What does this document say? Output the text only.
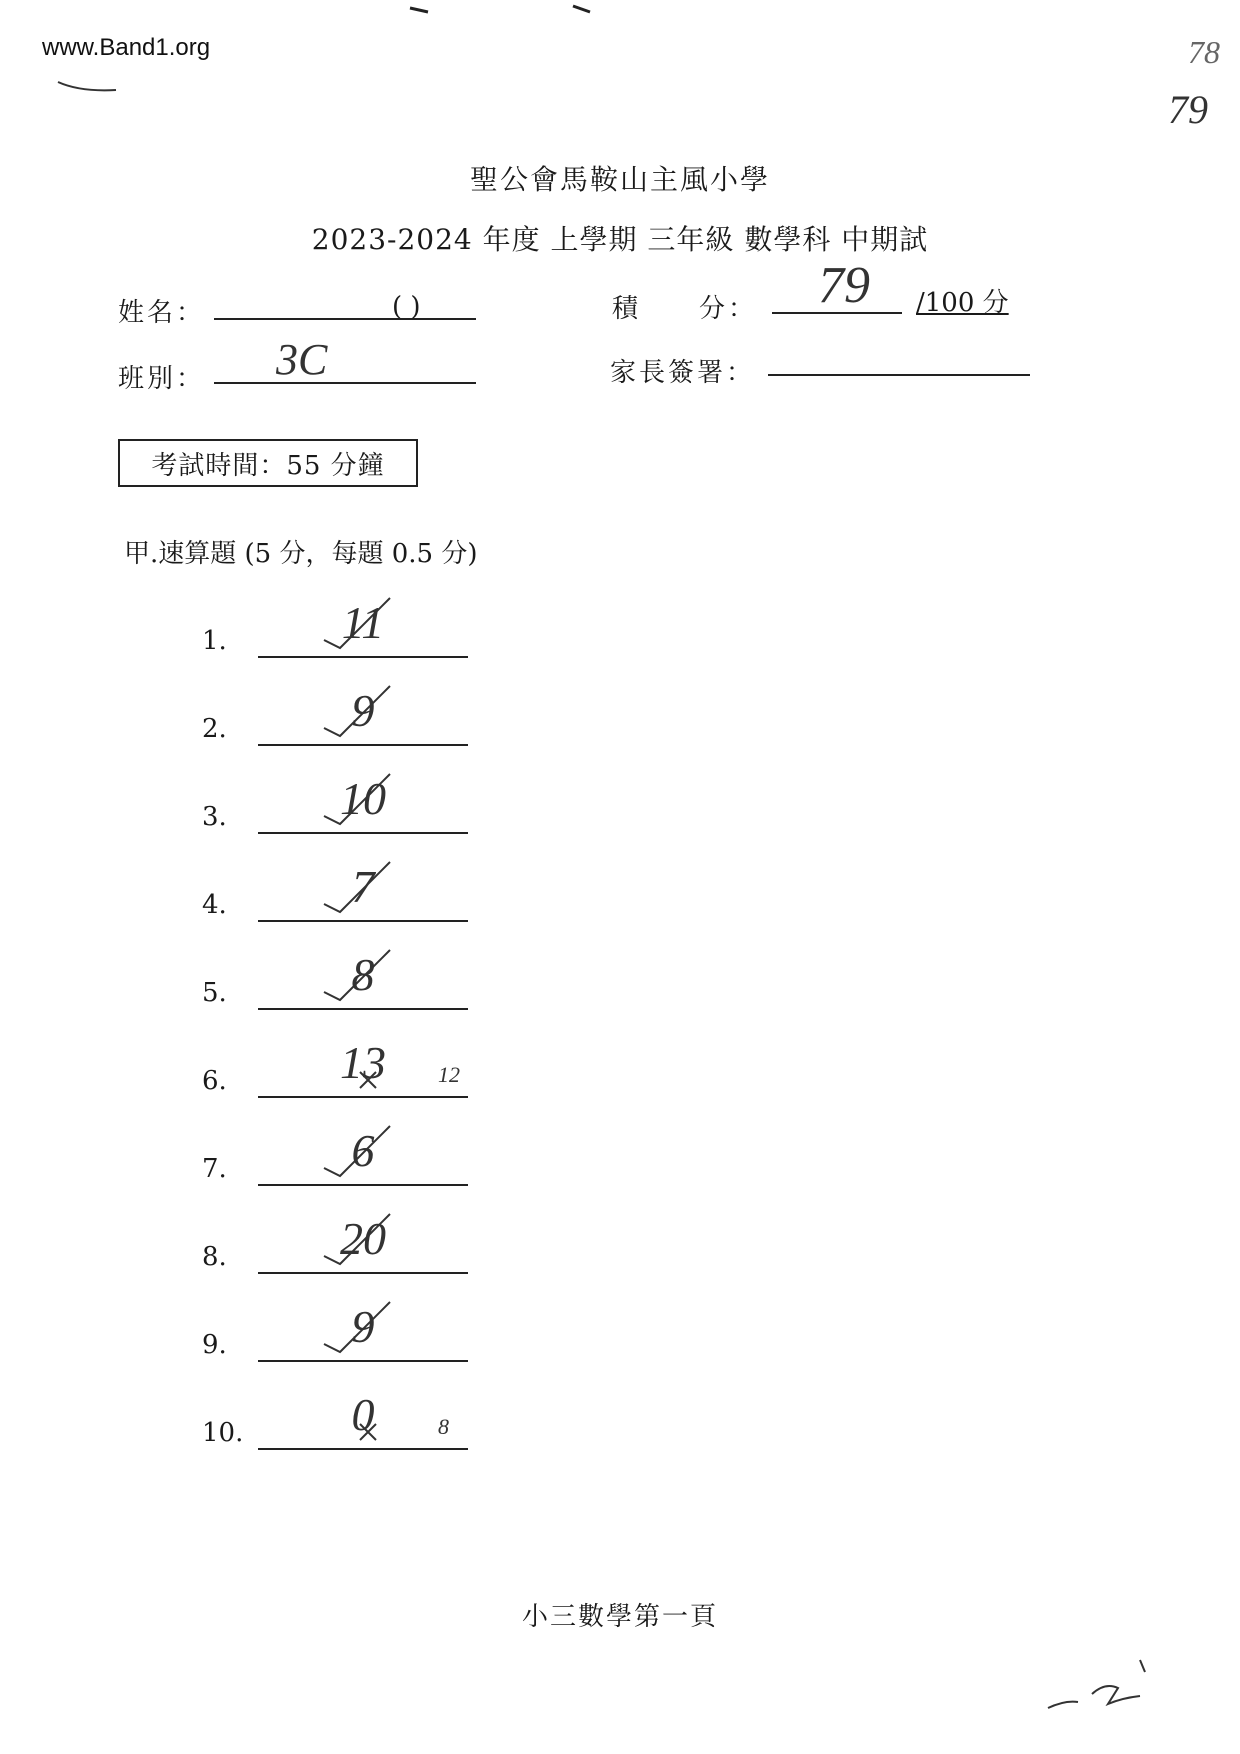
www.Band1.org	78
79
聖公會馬鞍山主風小學
2023-2024 年度 上學期 三年級 數學科 中期試
姓名：	( )	積　　分： 79 /100 分
班別： 3C	家長簽署：
考試時間：55 分鐘
甲.速算題 (5 分，每題 0.5 分)
1.	11
2.	9
3.	10
4.	7
5.	8
6.	13	12
7.	6
8.	20
9.	9
10.	0	8
小三數學第一頁
